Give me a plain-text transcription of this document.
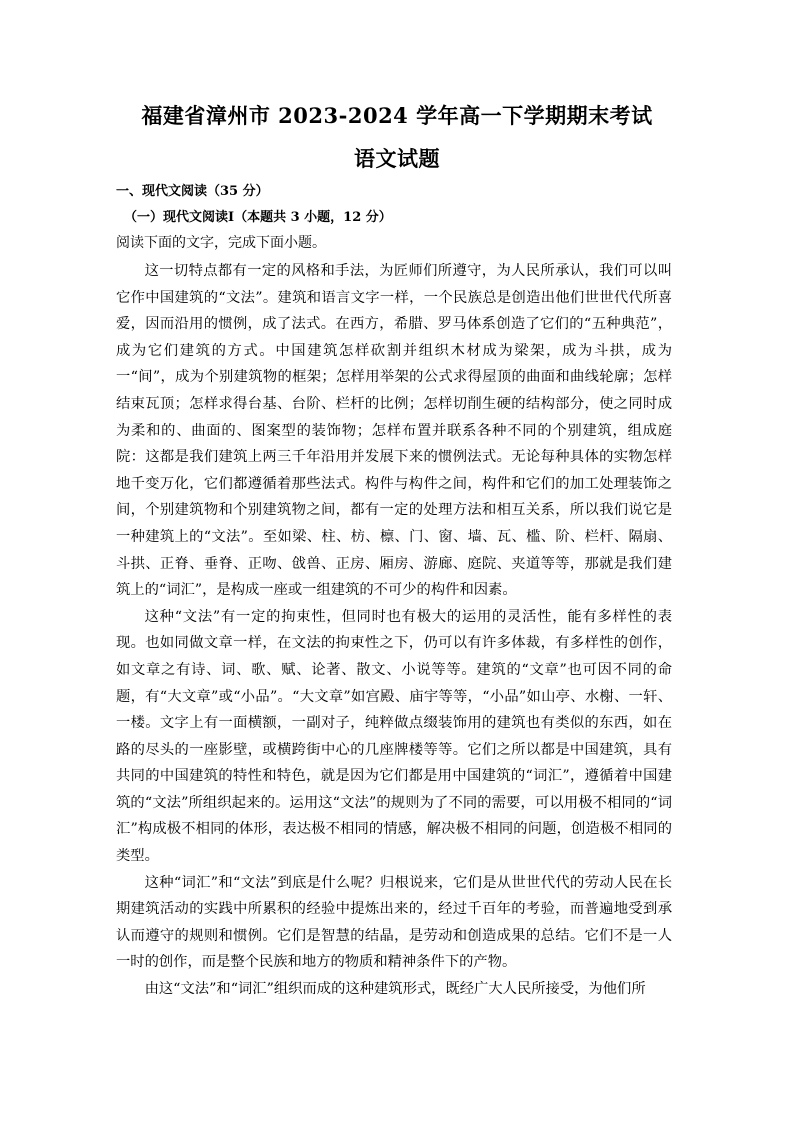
福建省漳州市 2023-2024 学年高一下学期期末考试
语文试题
一、现代文阅读（35 分）
（一）现代文阅读Ⅰ（本题共 3 小题，12 分）
阅读下面的文字，完成下面小题。

这一切特点都有一定的风格和手法，为匠师们所遵守，为人民所承认，我们可以叫它作中国建筑的“文法”。建筑和语言文字一样，一个民族总是创造出他们世世代代所喜爱，因而沿用的惯例，成了法式。在西方，希腊、罗马体系创造了它们的“五种典范”，成为它们建筑的方式。中国建筑怎样砍割并组织木材成为梁架，成为斗拱，成为一“间”，成为个别建筑物的框架；怎样用举架的公式求得屋顶的曲面和曲线轮廓；怎样结束瓦顶；怎样求得台基、台阶、栏杆的比例；怎样切削生硬的结构部分，使之同时成为柔和的、曲面的、图案型的装饰物；怎样布置并联系各种不同的个别建筑，组成庭院：这都是我们建筑上两三千年沿用并发展下来的惯例法式。无论每种具体的实物怎样地千变万化，它们都遵循着那些法式。构件与构件之间，构件和它们的加工处理装饰之间，个别建筑物和个别建筑物之间，都有一定的处理方法和相互关系，所以我们说它是一种建筑上的“文法”。至如梁、柱、枋、檩、门、窗、墙、瓦、槛、阶、栏杆、隔扇、斗拱、正脊、垂脊、正吻、戗兽、正房、厢房、游廊、庭院、夹道等等，那就是我们建筑上的“词汇”，是构成一座或一组建筑的不可少的构件和因素。

这种“文法”有一定的拘束性，但同时也有极大的运用的灵活性，能有多样性的表现。也如同做文章一样，在文法的拘束性之下，仍可以有许多体裁，有多样性的创作，如文章之有诗、词、歌、赋、论著、散文、小说等等。建筑的“文章”也可因不同的命题，有“大文章”或“小品”。“大文章”如宫殿、庙宇等等，“小品”如山亭、水榭、一轩、一楼。文字上有一面横额，一副对子，纯粹做点缀装饰用的建筑也有类似的东西，如在路的尽头的一座影壁，或横跨街中心的几座牌楼等等。它们之所以都是中国建筑，具有共同的中国建筑的特性和特色，就是因为它们都是用中国建筑的“词汇”，遵循着中国建筑的“文法”所组织起来的。运用这“文法”的规则为了不同的需要，可以用极不相同的“词汇”构成极不相同的体形，表达极不相同的情感，解决极不相同的问题，创造极不相同的类型。

这种“词汇”和“文法”到底是什么呢？归根说来，它们是从世世代代的劳动人民在长期建筑活动的实践中所累积的经验中提炼出来的，经过千百年的考验，而普遍地受到承认而遵守的规则和惯例。它们是智慧的结晶，是劳动和创造成果的总结。它们不是一人一时的创作，而是整个民族和地方的物质和精神条件下的产物。

由这“文法”和“词汇”组织而成的这种建筑形式，既经广大人民所接受，为他们所
